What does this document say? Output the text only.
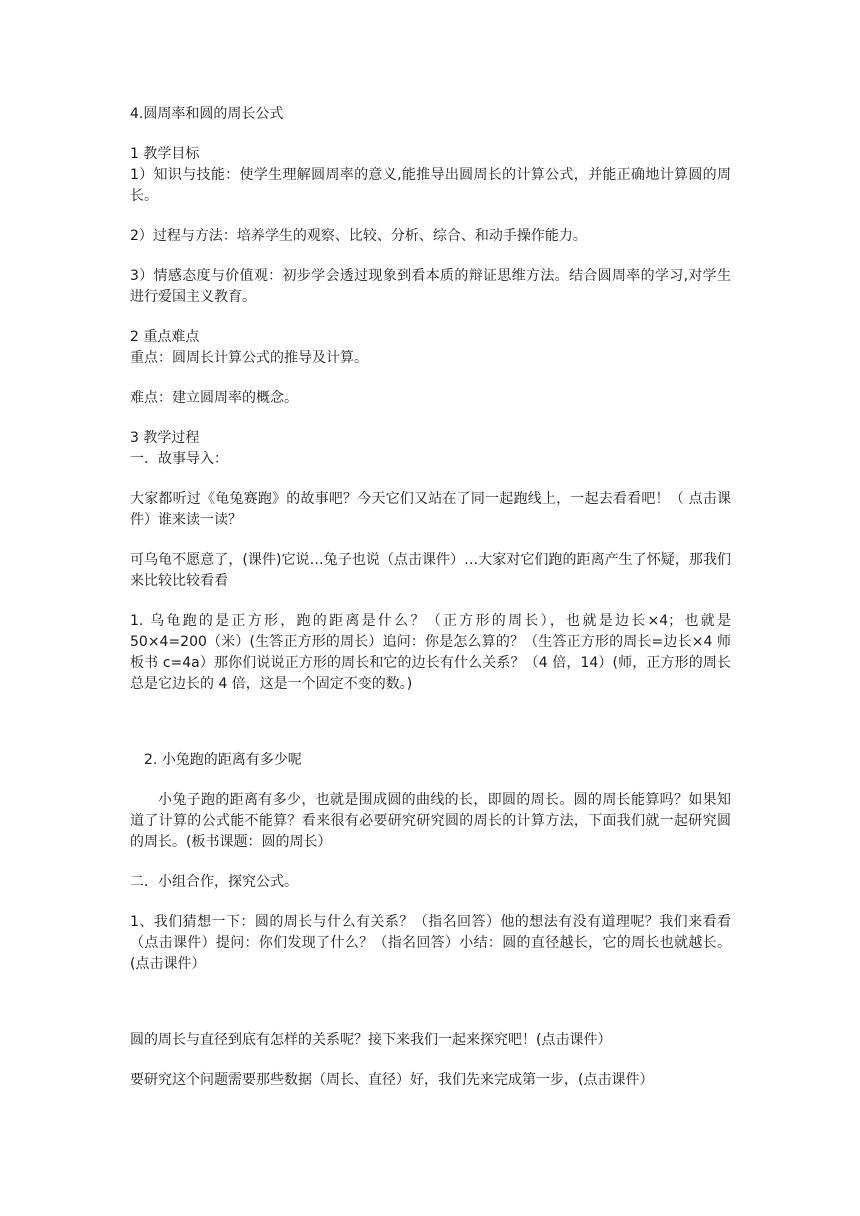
4.圆周率和圆的周长公式

1 教学目标

1）知识与技能：使学生理解圆周率的意义,能推导出圆周长的计算公式，并能正确地计算圆的周长。

2）过程与方法：培养学生的观察、比较、分析、综合、和动手操作能力。

3）情感态度与价值观：初步学会透过现象到看本质的辩证思维方法。结合圆周率的学习,对学生进行爱国主义教育。

2 重点难点

重点：圆周长计算公式的推导及计算。

难点：建立圆周率的概念。

3 教学过程

一．故事导入：

大家都听过《龟兔赛跑》的故事吧？今天它们又站在了同一起跑线上，一起去看看吧！（ 点击课件）谁来读一读？

可乌龟不愿意了，(课件)它说…兔子也说（点击课件）…大家对它们跑的距离产生了怀疑，那我们来比较比较看看

1. 乌龟跑的是正方形，跑的距离是什么？（正方形的周长），也就是边长×4；也就是 50×4=200（米）(生答正方形的周长）追问：你是怎么算的？（生答正方形的周长=边长×4 师板书 c=4a）那你们说说正方形的周长和它的边长有什么关系？（4 倍，14）(师，正方形的周长总是它边长的 4 倍，这是一个固定不变的数。)

2. 小兔跑的距离有多少呢

小兔子跑的距离有多少，也就是围成圆的曲线的长，即圆的周长。圆的周长能算吗？如果知道了计算的公式能不能算？看来很有必要研究研究圆的周长的计算方法，下面我们就一起研究圆的周长。(板书课题：圆的周长）

二．小组合作，探究公式。

1、我们猜想一下：圆的周长与什么有关系？（指名回答）他的想法有没有道理呢？我们来看看（点击课件）提问：你们发现了什么？（指名回答）小结：圆的直径越长，它的周长也就越长。(点击课件）

圆的周长与直径到底有怎样的关系呢？接下来我们一起来探究吧！(点击课件）

要研究这个问题需要那些数据（周长、直径）好，我们先来完成第一步，(点击课件）
